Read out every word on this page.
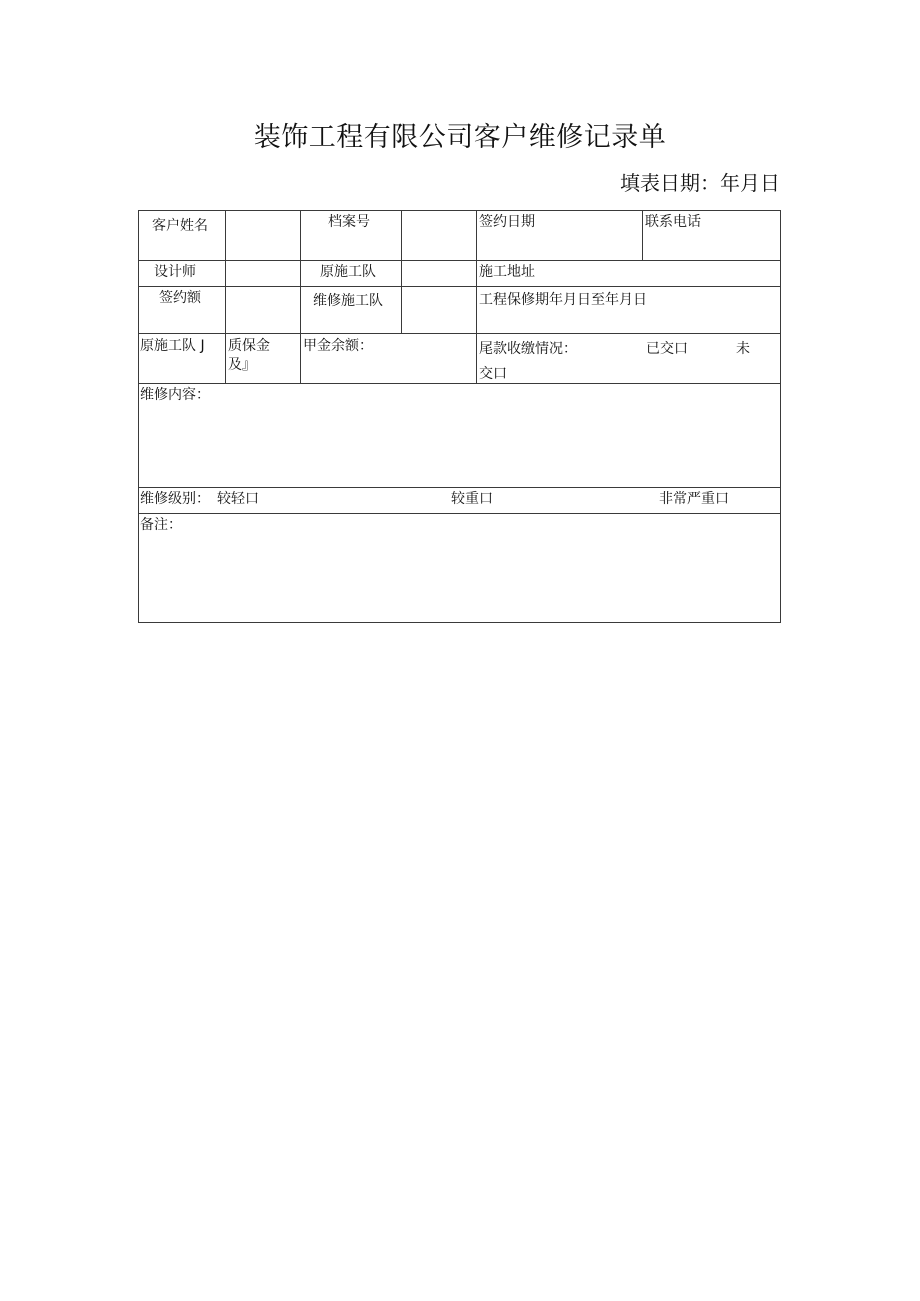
装饰工程有限公司客户维修记录单
填表日期：年月日
客户姓名	档案号	签约日期	联系电话
设计师	原施工队	施工地址
签约额	维修施工队	工程保修期年月日至年月日
原施工队 J 质保金
及』
甲金余额：	尾款收缴情况：	已交口	未
交口
维修内容：
维修级别： 较轻口	较重口	非常严重口
备注：
